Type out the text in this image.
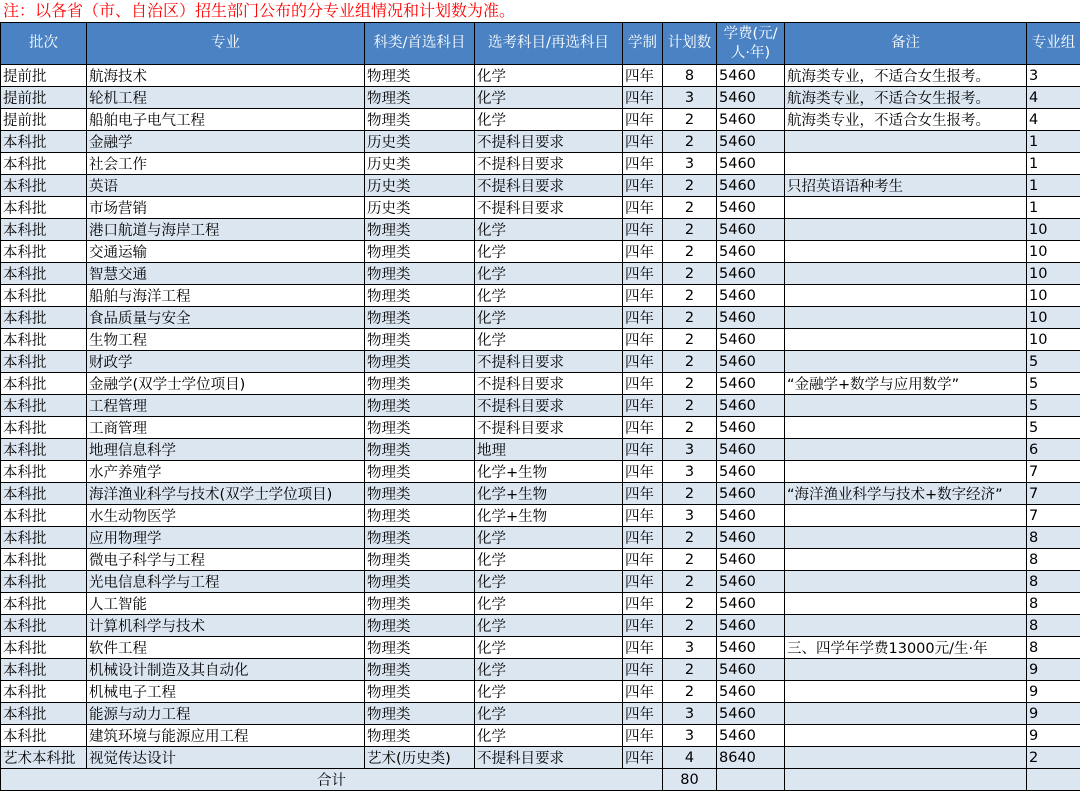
注：以各省（市、自治区）招生部门公布的分专业组情况和计划数为准。
批次	专业	科类/首选科目	选考科目/再选科目	学制	计划数	学费(元/人·年)	备注	专业组
提前批	航海技术	物理类	化学	四年	8	5460	航海类专业，不适合女生报考。	3
提前批	轮机工程	物理类	化学	四年	3	5460	航海类专业，不适合女生报考。	4
提前批	船舶电子电气工程	物理类	化学	四年	2	5460	航海类专业，不适合女生报考。	4
本科批	金融学	历史类	不提科目要求	四年	2	5460		1
本科批	社会工作	历史类	不提科目要求	四年	3	5460		1
本科批	英语	历史类	不提科目要求	四年	2	5460	只招英语语种考生	1
本科批	市场营销	历史类	不提科目要求	四年	2	5460		1
本科批	港口航道与海岸工程	物理类	化学	四年	2	5460		10
本科批	交通运输	物理类	化学	四年	2	5460		10
本科批	智慧交通	物理类	化学	四年	2	5460		10
本科批	船舶与海洋工程	物理类	化学	四年	2	5460		10
本科批	食品质量与安全	物理类	化学	四年	2	5460		10
本科批	生物工程	物理类	化学	四年	2	5460		10
本科批	财政学	物理类	不提科目要求	四年	2	5460		5
本科批	金融学(双学士学位项目)	物理类	不提科目要求	四年	2	5460	“金融学+数学与应用数学”	5
本科批	工程管理	物理类	不提科目要求	四年	2	5460		5
本科批	工商管理	物理类	不提科目要求	四年	2	5460		5
本科批	地理信息科学	物理类	地理	四年	3	5460		6
本科批	水产养殖学	物理类	化学+生物	四年	3	5460		7
本科批	海洋渔业科学与技术(双学士学位项目)	物理类	化学+生物	四年	2	5460	“海洋渔业科学与技术+数字经济”	7
本科批	水生动物医学	物理类	化学+生物	四年	3	5460		7
本科批	应用物理学	物理类	化学	四年	2	5460		8
本科批	微电子科学与工程	物理类	化学	四年	2	5460		8
本科批	光电信息科学与工程	物理类	化学	四年	2	5460		8
本科批	人工智能	物理类	化学	四年	2	5460		8
本科批	计算机科学与技术	物理类	化学	四年	2	5460		8
本科批	软件工程	物理类	化学	四年	3	5460	三、四学年学费13000元/生·年	8
本科批	机械设计制造及其自动化	物理类	化学	四年	2	5460		9
本科批	机械电子工程	物理类	化学	四年	2	5460		9
本科批	能源与动力工程	物理类	化学	四年	3	5460		9
本科批	建筑环境与能源应用工程	物理类	化学	四年	3	5460		9
艺术本科批	视觉传达设计	艺术(历史类)	不提科目要求	四年	4	8640		2
合计					80			
